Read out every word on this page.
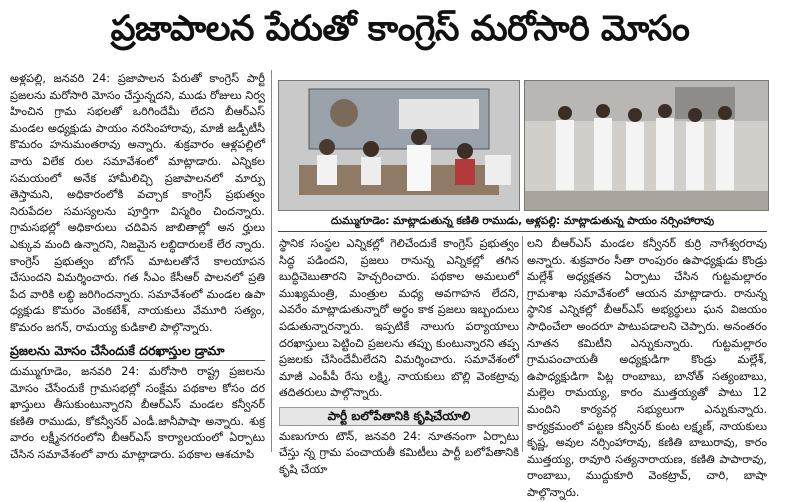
ప్రజాపాలన పేరుతో కాంగ్రెస్ మరోసారి మోసం

అళ్లపల్లి, జనవరి 24: ప్రజాపాలన పేరుతో కాంగ్రెస్ పార్టీ ప్రజలను మరోసారి మోసం చేస్తున్నదని, ముడు రోజులు నిర్వ హించిన గ్రామ సభలతో ఒరిగిందేమీ లేదని బీఆర్ఎస్ మండల అధ్యక్షుడు పాయం నరసింహారావు, మాజీ జడ్పీటీసీ కొమరం హనుమంతరావు అన్నారు. శుక్రవారం ఆళ్లపల్లిలో వారు విలేక రుల సమావేశంలో మాట్లాడారు. ఎన్నికల సమయంలో అనేక హామీలిచ్చి ప్రజాపాలనలో మార్పు తెస్తామని, అధికారంలోకి వచ్చాక కాంగ్రెస్ ప్రభుత్వం నిరుపేదల సమస్యలను పూర్తిగా విస్మరిం చిందన్నారు. గ్రామసభల్లో అధికారులు చదివిన జాబితాల్లో అన ర్హులు ఎక్కువ మంది ఉన్నారని, నిజమైన లబ్ధిదారులకే లేర న్నారు. కాంగ్రెస్ ప్రభుత్వం బోగస్ మాటలతోనే కాలయాపన చేసుందని విమర్శించారు. గత సీఎం కేసీఆర్ పాలనలో ప్రతి పేద వారికి లబ్ధి జరిగిందన్నారు. సమావేశంలో మండల ఉపా ధ్యక్షుడు కొమరం వెంకటేశ్, నాయకులు వేమూరి సత్యం, కొమరం జగన్, రామయ్య కుడికాలి పాల్గొన్నారు.

ప్రజలను మోసం చేసేందుకే దరఖాస్తుల డ్రామా

దుమ్ముగూడెం, జనవరి 24: మరోసారి రాష్ట్ర ప్రజలను మోసం చేసేందుకే గ్రామసభల్లో సంక్షేమ పథకాల కోసం దర ఖాస్తులు తీసుకుంటున్నారని బీఆర్ఎస్ మండల కన్వీనర్ కణితి రాముడు, కోకన్వీనర్ ఎండీ.జానీపాషా అన్నారు. శుక్ర వారం లక్ష్మీనగరంలోని బీఆర్ఎస్ కార్యాలయంలో ఏర్పాటు చేసిన సమావేశంలో వారు మాట్లాడారు. పథకాల ఆశచూపి

దుమ్ముగూడెం: మాట్లాడుతున్న కణితి రాముడు, ఆళ్లపల్లి: మాట్లాడుతున్న పాయం నర్సింహారావు

స్థానిక సంస్థల ఎన్నికల్లో గెలిచేందుకే కాంగ్రెస్ ప్రభుత్వం సిద్ధ పడిందని, ప్రజలు రానున్న ఎన్నికల్లో తగిన బుద్ధిచెబుతారని హెచ్చరించారు. పథకాల అమలులో ముఖ్యమంత్రి, మంత్రుల మధ్య అవగాహన లేదని, ఎవరేం మాట్లాడుతున్నారో అర్థం కాక ప్రజలు ఇబ్బందులు పడుతున్నారన్నారు. ఇప్పటికే నాలుగు పర్యాయాలు దరఖాస్తులు పెట్టించి ప్రజలను తప్పు కుంటున్నారని తప్ప ప్రజలకు చేసిందేమీలేదని విమర్శించారు. సమావేశంలో మాజీ ఎంపీపీ రేసు లక్ష్మి, నాయకులు బొల్లి వెంకట్రావు తదితరులు పాల్గొన్నారు.

పార్టీ బలోపేతానికి కృషిచేయాలి

మణుగూరు టౌన్, జనవరి 24: నూతనంగా ఏర్పాటు చేస్తు న్న గ్రామ పంచాయతీ కమిటీలు పార్టీ బలోపేతానికి కృషి చేయా

లని బీఆర్ఎస్ మండల కన్వీనర్ కుర్రి నాగేశ్వరరావు అన్నారు. శుక్రవారం సీతా రాంపురం ఉపాధ్యక్షుడు కొండ్రు మల్లేశ్ అధ్యక్షతన ఏర్పాటు చేసిన గుట్టమల్లారం గ్రామశాఖ సమావేశంలో ఆయన మాట్లాడారు. రానున్న స్థానిక ఎన్నికల్లో బీఆర్ఎస్ అభ్యర్థులు ఘన విజయం సాధించేలా అందరూ పాటుపడాలని చెప్పారు. అనంతరం నూతన కమిటీని ఎన్నుకున్నారు. గుట్టమల్లారం గ్రామపంచాయతీ అధ్యక్షుడిగా కొండ్రు మల్లేశ్, ఉపాధ్యక్షుడిగా పిట్ల రాంబాబు, బానోత్ సత్యంబాబు, మల్లెల రామయ్య, కారం ముత్తయ్యతో పాటు 12 మందిని కార్యవర్గ సభ్యులుగా ఎన్నుకున్నారు. కార్యక్రమంలో పట్టణ కన్వీనర్ కుంట లక్ష్మణ్, నాయకులు కృష్ణ, అవుల నర్సింహారావు, కణితి బాబురావు, కారం ముత్తయ్య, రావూరి సత్యనారాయణ, కణితి పాపారావు, రాంబాబు, ముద్దుకూరి వెంకట్రావ్, చారి, బాషా పాల్గొన్నారు.
